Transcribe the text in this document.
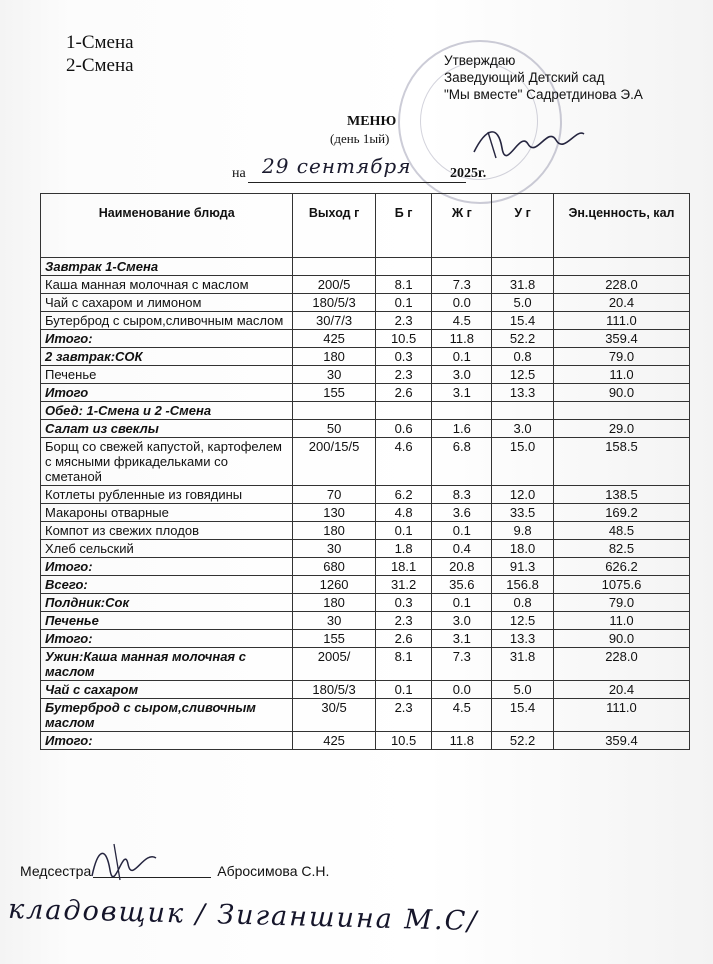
1-Смена
2-Смена	Утверждаю
Заведующий Детский сад
"Мы вместе" Садретдинова Э.А
МЕНЮ
(день 1ый)
на 29 сентября	2025г.
Наименование блюда	Выход г	Б г	Ж г	У г	Эн.ценность, кал
Завтрак 1-Смена					
Каша манная молочная с маслом	200/5	8.1	7.3	31.8	228.0
Чай с сахаром и лимоном	180/5/3	0.1	0.0	5.0	20.4
Бутерброд с сыром,сливочным маслом	30/7/3	2.3	4.5	15.4	111.0
Итого:	425	10.5	11.8	52.2	359.4
2 завтрак:СОК	180	0.3	0.1	0.8	79.0
Печенье	30	2.3	3.0	12.5	11.0
Итого	155	2.6	3.1	13.3	90.0
Обед: 1-Смена и 2 -Смена					
Салат из свеклы	50	0.6	1.6	3.0	29.0
Борщ со свежей капустой, картофелем с мясными фрикадельками со сметаной	200/15/5	4.6	6.8	15.0	158.5
Котлеты рубленные из говядины	70	6.2	8.3	12.0	138.5
Макароны отварные	130	4.8	3.6	33.5	169.2
Компот из свежих плодов	180	0.1	0.1	9.8	48.5
Хлеб сельский	30	1.8	0.4	18.0	82.5
Итого:	680	18.1	20.8	91.3	626.2
Всего:	1260	31.2	35.6	156.8	1075.6
Полдник:Сок	180	0.3	0.1	0.8	79.0
Печенье	30	2.3	3.0	12.5	11.0
Итого:	155	2.6	3.1	13.3	90.0
Ужин:Каша манная молочная с маслом	2005/	8.1	7.3	31.8	228.0
Чай с сахаром	180/5/3	0.1	0.0	5.0	20.4
Бутерброд с сыром,сливочным маслом	30/5	2.3	4.5	15.4	111.0
Итого:	425	10.5	11.8	52.2	359.4
Медсестра	Абросимова С.Н.
кладовщик / Зиганшина М.С/
